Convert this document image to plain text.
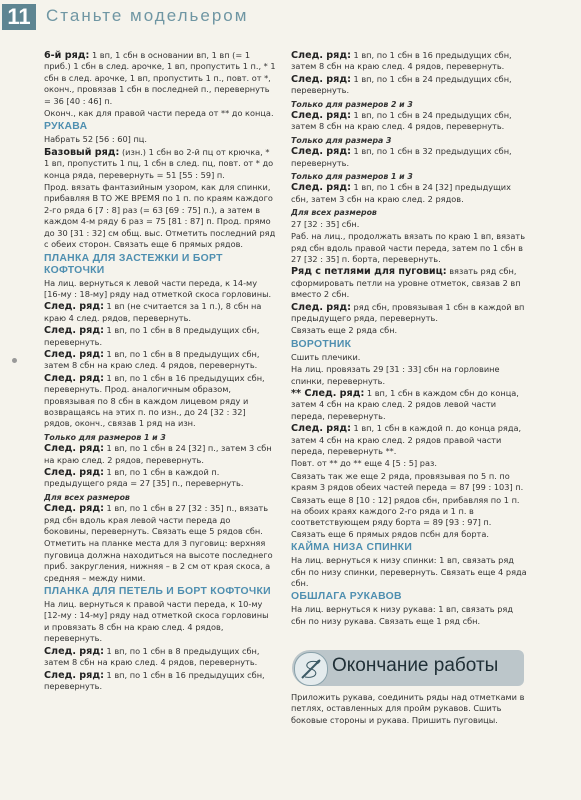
11 Станьте модельером

6-й ряд: 1 вп, 1 сбн в основании вп, 1 вп (= 1 приб.) 1 сбн в след. арочке, 1 вп, пропустить 1 п., * 1 сбн в след. арочке, 1 вп, пропустить 1 п., повт. от *, оконч., провязав 1 сбн в последней п., перевернуть = 36 [40 : 46] п.

Оконч., как для правой части переда от ** до конца.

РУКАВА

Набрать 52 [56 : 60] пц.

Базовый ряд: (изн.) 1 сбн во 2-й пц от крючка, * 1 вп, пропустить 1 пц, 1 сбн в след. пц, повт. от * до конца ряда, перевернуть = 51 [55 : 59] п.

Прод. вязать фантазийным узором, как для спинки, прибавляя В ТО ЖЕ ВРЕМЯ по 1 п. по краям каждого 2-го ряда 6 [7 : 8] раз (= 63 [69 : 75] п.), а затем в каждом 4-м ряду 6 раз = 75 [81 : 87] п. Прод. прямо до 30 [31 : 32] см общ. выс. Отметить последний ряд с обеих сторон. Связать еще 6 прямых рядов.

ПЛАНКА ДЛЯ ЗАСТЕЖКИ И БОРТ КОФТОЧКИ

На лиц. вернуться к левой части переда, к 14-му [16-му : 18-му] ряду над отметкой скоса горловины.

След. ряд: 1 вп (не считается за 1 п.), 8 сбн на краю 4 след. рядов, перевернуть.

След. ряд: 1 вп, по 1 сбн в 8 предыдущих сбн, перевернуть.

След. ряд: 1 вп, по 1 сбн в 8 предыдущих сбн, затем 8 сбн на краю след. 4 рядов, перевернуть.

След. ряд: 1 вп, по 1 сбн в 16 предыдущих сбн, перевернуть. Прод. аналогичным образом, провязывая по 8 сбн в каждом лицевом ряду и возвращаясь на этих п. по изн., до 24 [32 : 32] рядов, оконч., связав 1 ряд на изн.

Только для размеров 1 и 3

След. ряд: 1 вп, по 1 сбн в 24 [32] п., затем 3 сбн на краю след. 2 рядов, перевернуть.

След. ряд: 1 вп, по 1 сбн в каждой п. предыдущего ряда = 27 [35] п., перевернуть.

Для всех размеров

След. ряд: 1 вп, по 1 сбн в 27 [32 : 35] п., вязать ряд сбн вдоль края левой части переда до боковины, перевернуть. Связать еще 5 рядов сбн.

Отметить на планке места для 3 пуговиц: верхняя пуговица должна находиться на высоте последнего приб. закругления, нижняя – в 2 см от края скоса, а средняя – между ними.

ПЛАНКА ДЛЯ ПЕТЕЛЬ И БОРТ КОФТОЧКИ

На лиц. вернуться к правой части переда, к 10-му [12-му : 14-му] ряду над отметкой скоса горловины и провязать 8 сбн на краю след. 4 рядов, перевернуть.

След. ряд: 1 вп, по 1 сбн в 8 предыдущих сбн, затем 8 сбн на краю след. 4 рядов, перевернуть.

След. ряд: 1 вп, по 1 сбн в 16 предыдущих сбн, перевернуть.

След. ряд: 1 вп, по 1 сбн в 16 предыдущих сбн, затем 8 сбн на краю след. 4 рядов, перевернуть.

След. ряд: 1 вп, по 1 сбн в 24 предыдущих сбн, перевернуть.

Только для размеров 2 и 3

След. ряд: 1 вп, по 1 сбн в 24 предыдущих сбн, затем 8 сбн на краю след. 4 рядов, перевернуть.

Только для размера 3

След. ряд: 1 вп, по 1 сбн в 32 предыдущих сбн, перевернуть.

Только для размеров 1 и 3

След. ряд: 1 вп, по 1 сбн в 24 [32] предыдущих сбн, затем 3 сбн на краю след. 2 рядов.

Для всех размеров

27 [32 : 35] сбн.

Раб. на лиц., продолжать вязать по краю 1 вп, вязать ряд сбн вдоль правой части переда, затем по 1 сбн в 27 [32 : 35] п. борта, перевернуть.

Ряд с петлями для пуговиц: вязать ряд сбн, сформировать петли на уровне отметок, связав 2 вп вместо 2 сбн.

След. ряд: ряд сбн, провязывая 1 сбн в каждой вп предыдущего ряда, перевернуть.

Связать еще 2 ряда сбн.

ВОРОТНИК

Сшить плечики.

На лиц. провязать 29 [31 : 33] сбн на горловине спинки, перевернуть.

** След. ряд: 1 вп, 1 сбн в каждом сбн до конца, затем 4 сбн на краю след. 2 рядов левой части переда, перевернуть.

След. ряд: 1 вп, 1 сбн в каждой п. до конца ряда, затем 4 сбн на краю след. 2 рядов правой части переда, перевернуть **.

Повт. от ** до ** еще 4 [5 : 5] раз.

Связать так же еще 2 ряда, провязывая по 5 п. по краям 3 рядов обеих частей переда = 87 [99 : 103] п.

Связать еще 8 [10 : 12] рядов сбн, прибавляя по 1 п. на обоих краях каждого 2-го ряда и 1 п. в соответствующем ряду борта = 89 [93 : 97] п. Связать еще 6 прямых рядов псбн для борта.

КАЙМА НИЗА СПИНКИ

На лиц. вернуться к низу спинки: 1 вп, связать ряд сбн по низу спинки, перевернуть. Связать еще 4 ряда сбн.

ОБШЛАГА РУКАВОВ

На лиц. вернуться к низу рукава: 1 вп, связать ряд сбн по низу рукава. Связать еще 1 ряд сбн.

Окончание работы
Приложить рукава, соединить ряды над отметками в петлях, оставленных для пройм рукавов. Сшить боковые стороны и рукава. Пришить пуговицы.
